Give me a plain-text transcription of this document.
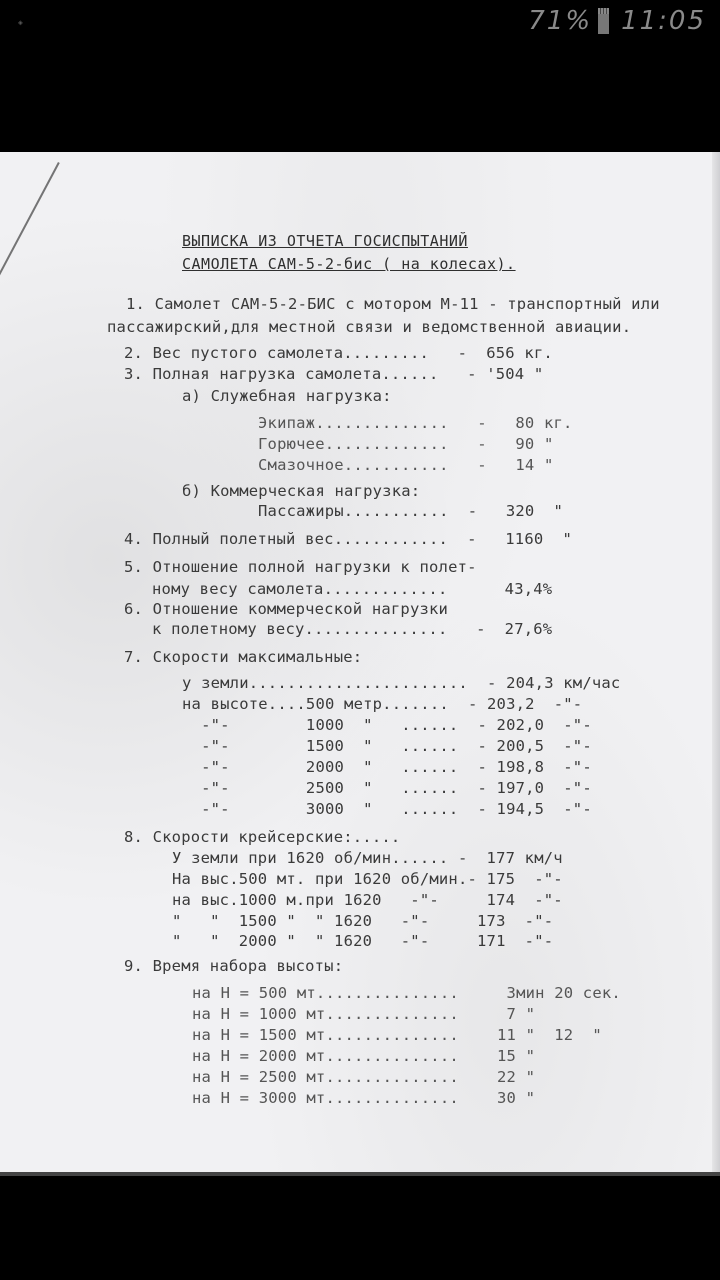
◈	71% 11:05
ВЫПИСКА ИЗ ОТЧЕТА ГОСИСПЫТАНИЙ
САМОЛЕТА САМ-5-2-бис ( на колесах).
1. Самолет САМ-5-2-БИС с мотором М-11 - транспортный или
пассажирский,для местной связи и ведомственной авиации.
2. Вес пустого самолета.........   -  656 кг.
3. Полная нагрузка самолета......   - '504 "
а) Служебная нагрузка:
Экипаж..............   -   80 кг.
Горючее.............   -   90 "
Смазочное...........   -   14 "
б) Коммерческая нагрузка:
Пассажиры...........  -   320  "
4. Полный полетный вес............  -   1160  "
5. Отношение полной нагрузки к полет-
ному весу самолета.............      43,4%
6. Отношение коммерческой нагрузки
к полетному весу...............   -  27,6%
7. Скорости максимальные:
у земли.......................  - 204,3 км/час
на высоте....500 метр.......  - 203,2  -"-
-"-        1000  "   ......  - 202,0  -"-
-"-        1500  "   ......  - 200,5  -"-
-"-        2000  "   ......  - 198,8  -"-
-"-        2500  "   ......  - 197,0  -"-
-"-        3000  "   ......  - 194,5  -"-
8. Скорости крейсерские:.....
У земли при 1620 об/мин...... -  177 км/ч
На выс.500 мт. при 1620 об/мин.- 175  -"-
на выс.1000 м.при 1620   -"-     174  -"-
"   "  1500 "  " 1620   -"-     173  -"-
"   "  2000 "  " 1620   -"-     171  -"-
9. Время набора высоты:
на Н = 500 мт...............     3мин 20 сек.
на Н = 1000 мт..............     7 "
на Н = 1500 мт..............    11 "  12  "
на Н = 2000 мт..............    15 "
на Н = 2500 мт..............    22 "
на Н = 3000 мт..............    30 "
